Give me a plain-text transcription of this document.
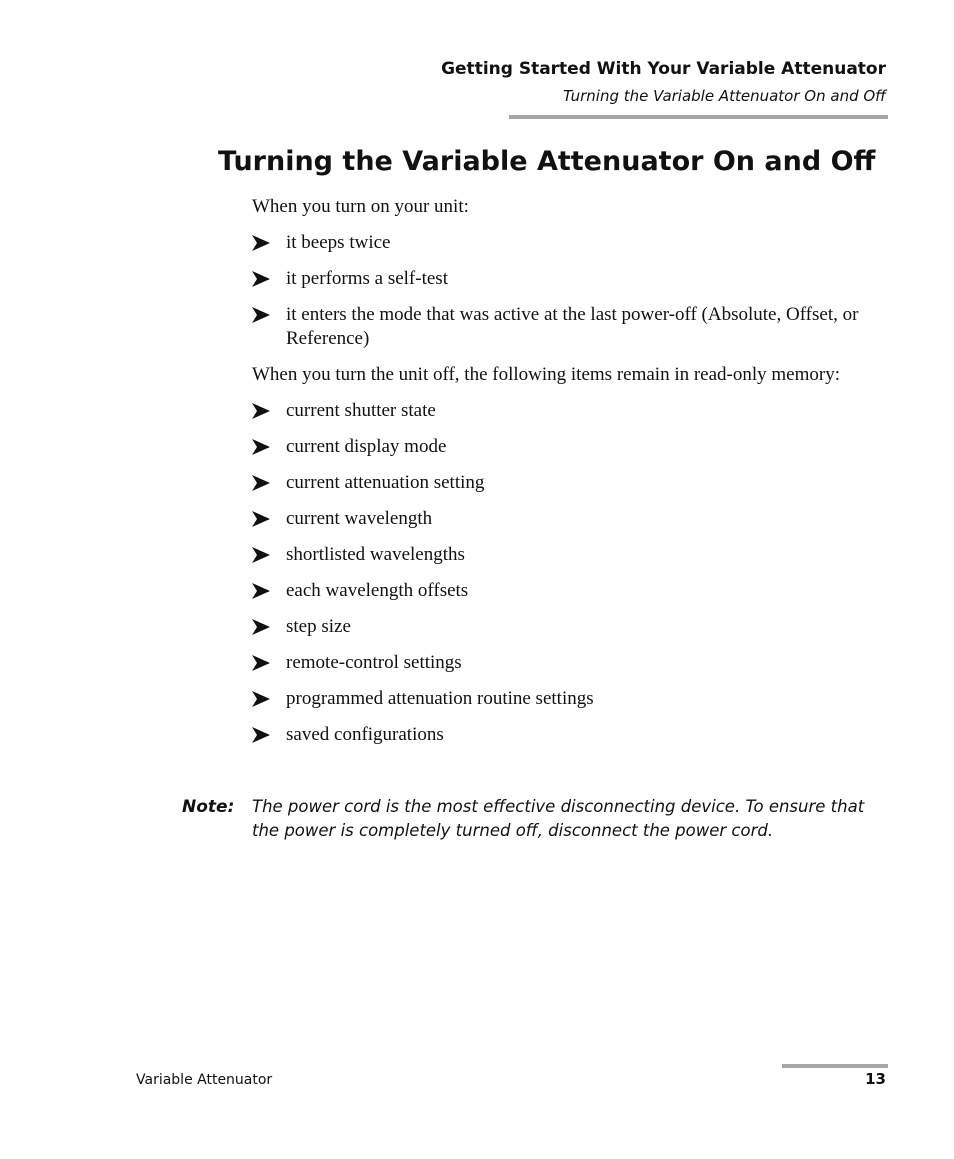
Getting Started With Your Variable Attenuator
Turning the Variable Attenuator On and Off
Turning the Variable Attenuator On and Off

When you turn on your unit:

it beeps twice
it performs a self-test
it enters the mode that was active at the last power-off (Absolute, Offset, or Reference)

When you turn the unit off, the following items remain in read-only memory:

current shutter state
current display mode
current attenuation setting
current wavelength
shortlisted wavelengths
each wavelength offsets
step size
remote-control settings
programmed attenuation routine settings
saved configurations
Note: The power cord is the most effective disconnecting device. To ensure that the power is completely turned off, disconnect the power cord.
Variable Attenuator	13
